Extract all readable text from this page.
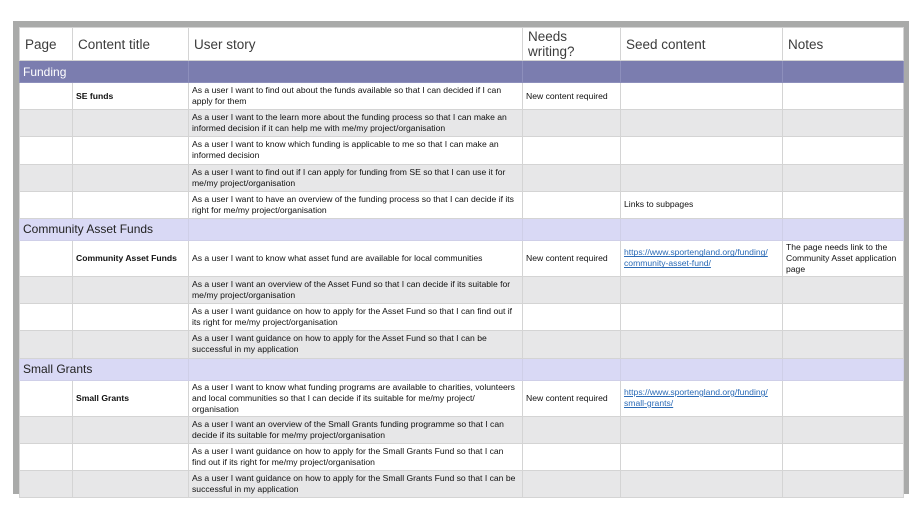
Page	Content title	User story	Needs writing?	Seed content	Notes
Funding					
	SE funds	As a user I want to find out about the funds available so that I can decided if I can apply for them	New content required		
		As a user I want to the learn more about the funding process so that I can make an informed decision if it can help me with me/my project/organisation			
		As a user I want to know which funding is applicable to me so that I can make an informed decision			
		As a user I want to find out if I can apply for funding from SE so that I can use it for me/my project/organisation			
		As a user I want to have an overview of the funding process so that I can decide if its right for me/my project/organisation		Links to subpages	
Community Asset Funds					
	Community Asset Funds	As a user I want to know what asset fund are available for local communities	New content required	https://www.sportengland.org/funding/ community-asset-fund/	The page needs link to the Community Asset application page
		As a user I want an overview of the Asset Fund so that I can decide if its suitable for me/my project/organisation			
		As a user I want guidance on how to apply for the Asset Fund so that I can find out if its right for me/my project/organisation			
		As a user I want guidance on how to apply for the Asset Fund so that I can be successful in my application			
Small Grants					
	Small Grants	As a user I want to know what funding programs are available to charities, volunteers and local communities so that I can decide if its suitable for me/my project/ organisation	New content required	https://www.sportengland.org/funding/ small-grants/	
		As a user I want an overview of the Small Grants funding programme so that I can decide if its suitable for me/my project/organisation			
		As a user I want guidance on how to apply for the Small Grants Fund so that I can find out if its right for me/my project/organisation			
		As a user I want guidance on how to apply for the Small Grants Fund so that I can be successful in my application			
